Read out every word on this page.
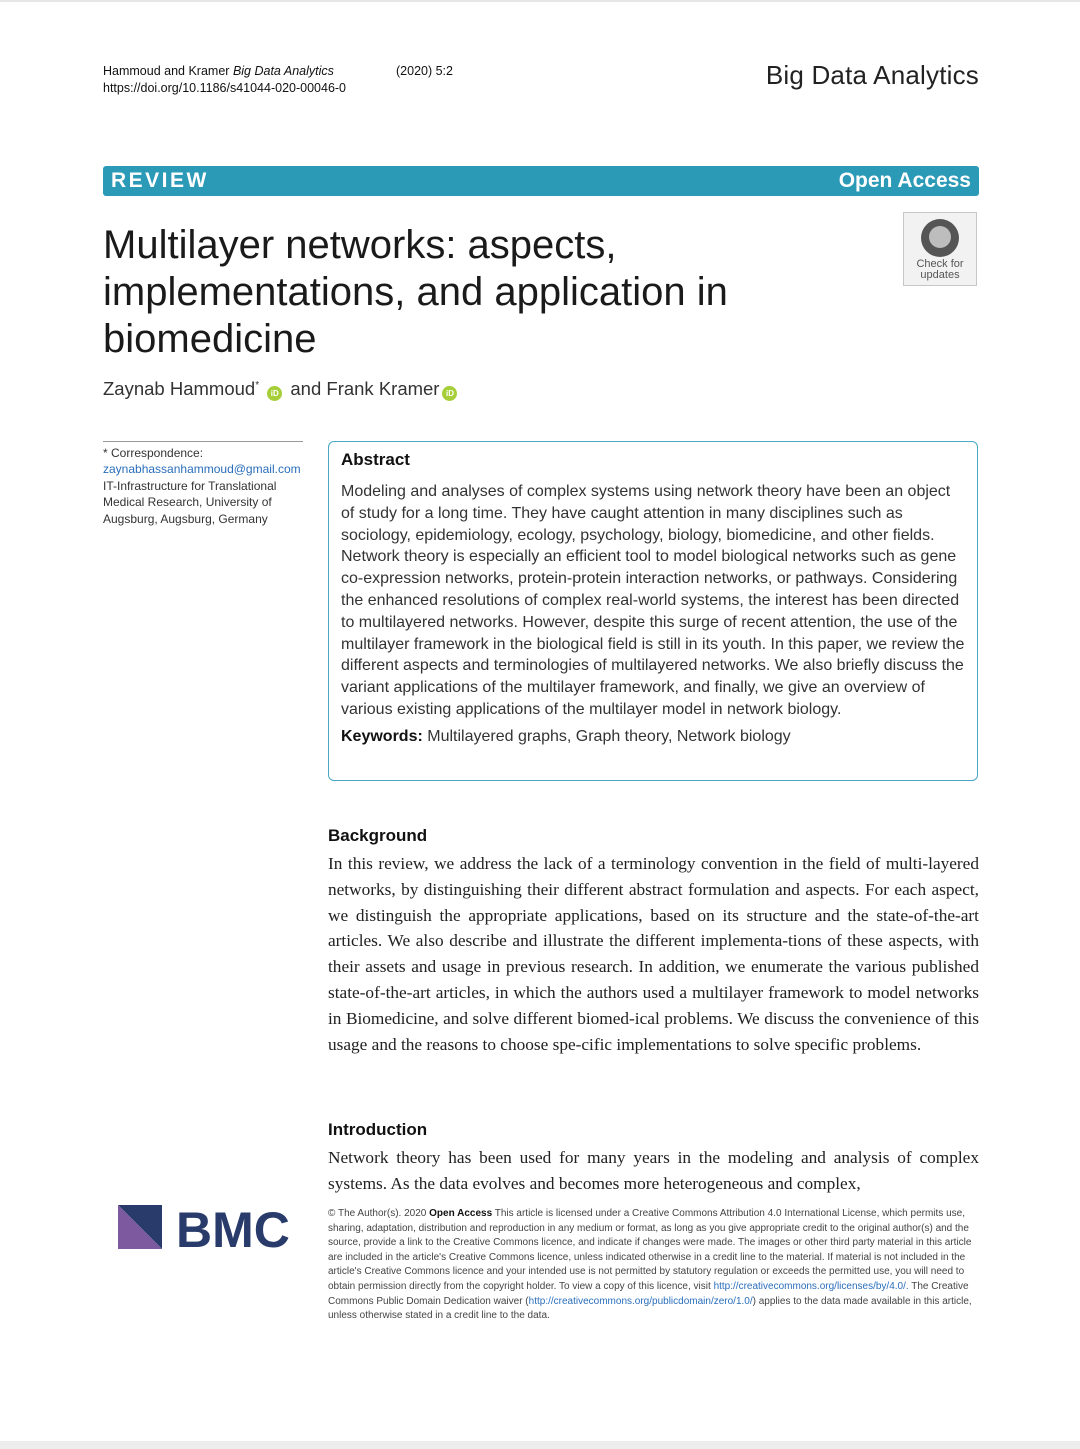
Hammoud and Kramer Big Data Analytics	(2020) 5:2
https://doi.org/10.1186/s41044-020-00046-0	Big Data Analytics
REVIEW	Open Access
Multilayer networks: aspects, implementations, and application in biomedicine
Check for
updates
Zaynab Hammoud* iD and Frank Kramer iD
* Correspondence:
zaynabhassanhammoud@gmail.com
IT-Infrastructure for Translational Medical Research, University of Augsburg, Augsburg, Germany
Abstract
Modeling and analyses of complex systems using network theory have been an object of study for a long time. They have caught attention in many disciplines such as sociology, epidemiology, ecology, psychology, biology, biomedicine, and other fields. Network theory is especially an efficient tool to model biological networks such as gene co-expression networks, protein-protein interaction networks, or pathways. Considering the enhanced resolutions of complex real-world systems, the interest has been directed to multilayered networks. However, despite this surge of recent attention, the use of the multilayer framework in the biological field is still in its youth. In this paper, we review the different aspects and terminologies of multilayered networks. We also briefly discuss the variant applications of the multilayer framework, and finally, we give an overview of various existing applications of the multilayer model in network biology.
Keywords: Multilayered graphs, Graph theory, Network biology
Background
In this review, we address the lack of a terminology convention in the field of multi-layered networks, by distinguishing their different abstract formulation and aspects. For each aspect, we distinguish the appropriate applications, based on its structure and the state-of-the-art articles. We also describe and illustrate the different implementa-tions of these aspects, with their assets and usage in previous research. In addition, we enumerate the various published state-of-the-art articles, in which the authors used a multilayer framework to model networks in Biomedicine, and solve different biomed-ical problems. We discuss the convenience of this usage and the reasons to choose spe-cific implementations to solve specific problems.
Introduction
Network theory has been used for many years in the modeling and analysis of complex systems. As the data evolves and becomes more heterogeneous and complex,
BMC	© The Author(s). 2020 Open Access This article is licensed under a Creative Commons Attribution 4.0 International License, which permits use, sharing, adaptation, distribution and reproduction in any medium or format, as long as you give appropriate credit to the original author(s) and the source, provide a link to the Creative Commons licence, and indicate if changes were made. The images or other third party material in this article are included in the article's Creative Commons licence, unless indicated otherwise in a credit line to the material. If material is not included in the article's Creative Commons licence and your intended use is not permitted by statutory regulation or exceeds the permitted use, you will need to obtain permission directly from the copyright holder. To view a copy of this licence, visit http://creativecommons.org/licenses/by/4.0/. The Creative Commons Public Domain Dedication waiver (http://creativecommons.org/publicdomain/zero/1.0/) applies to the data made available in this article, unless otherwise stated in a credit line to the data.
